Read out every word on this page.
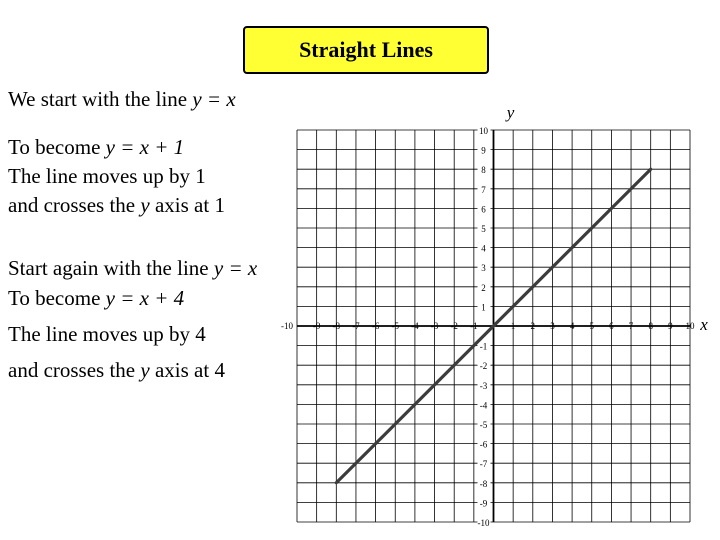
Straight Lines
We start with the line y = x
To become y = x + 1
The line moves up by 1
and crosses the y axis at 1
Start again with the line y = x
To become y = x + 4
The line moves up by 4
and crosses the y axis at 4
-10 -9 -8 -7 -6 -5 -4 -3 -2 -1	1 2 3 4 5 6 7 8 9 10
10
9
8
7
6
5
4
3
2
1
-1
-2
-3
-4
-5
-6
-7
-8
-9
-10
x
y
